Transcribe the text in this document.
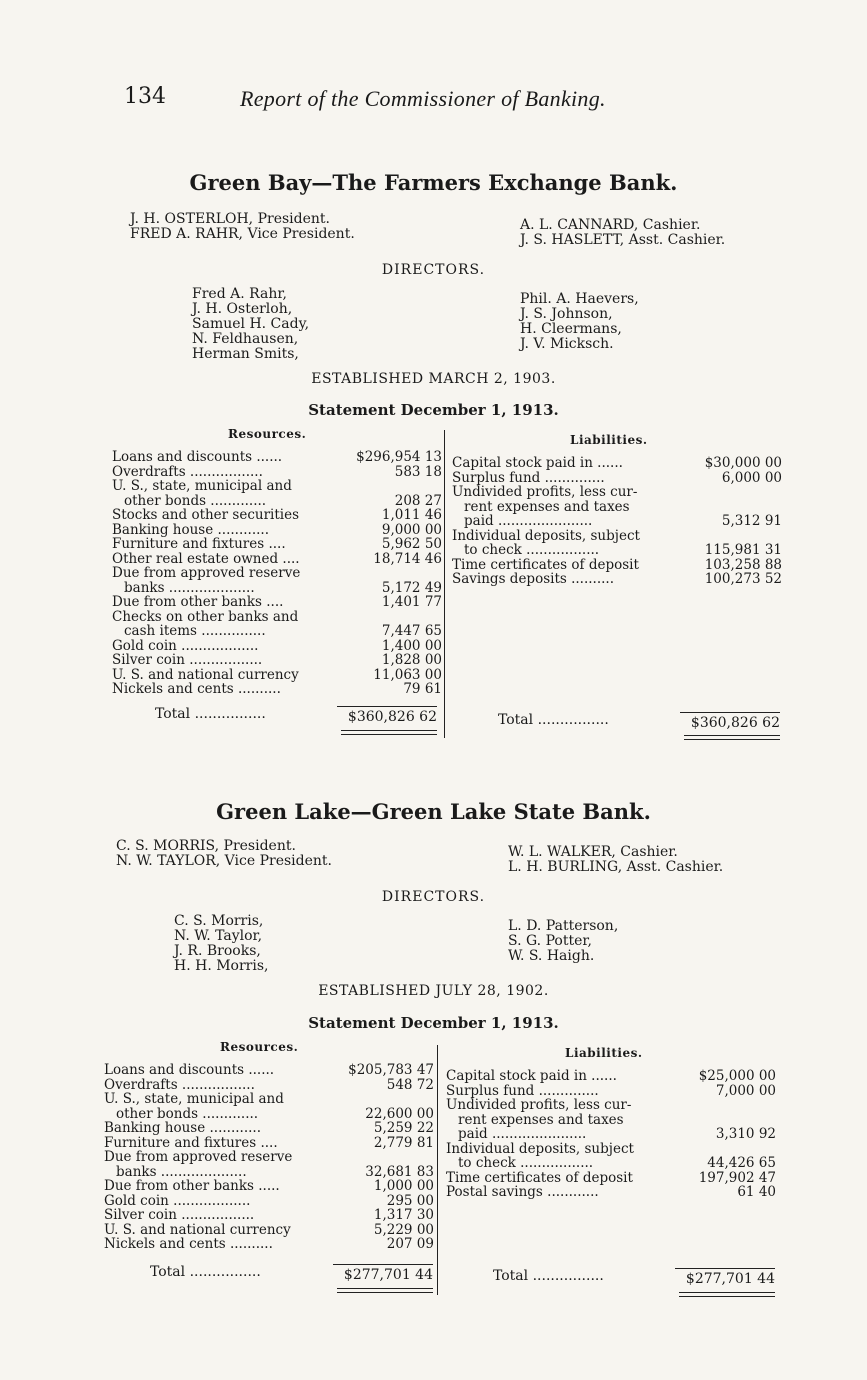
134	Report of the Commissioner of Banking.
Green Bay—The Farmers Exchange Bank.
J. H. OSTERLOH, President.
FRED A. RAHR, Vice President.
A. L. CANNARD, Cashier.
J. S. HASLETT, Asst. Cashier.
DIRECTORS.
Fred A. Rahr,
J. H. Osterloh,
Samuel H. Cady,
N. Feldhausen,
Herman Smits,
Phil. A. Haevers,
J. S. Johnson,
H. Cleermans,
J. V. Micksch.
ESTABLISHED MARCH 2, 1903.
Statement December 1, 1913.
Resources.	Liabilities.
Loans and discounts ......	$296,954 13
Overdrafts .................	583 18
U. S., state, municipal and
other bonds .............	208 27
Stocks and other securities	1,011 46
Banking house ............	9,000 00
Furniture and fixtures ....	5,962 50
Other real estate owned ....	18,714 46
Due from approved reserve
banks ....................	5,172 49
Due from other banks ....	1,401 77
Checks on other banks and
cash items ...............	7,447 65
Gold coin ..................	1,400 00
Silver coin .................	1,828 00
U. S. and national currency	11,063 00
Nickels and cents ..........	79 61
Capital stock paid in ......	$30,000 00
Surplus fund ..............	6,000 00
Undivided profits, less cur-
rent expenses and taxes
paid ......................	5,312 91
Individual deposits, subject
to check .................	115,981 31
Time certificates of deposit	103,258 88
Savings deposits ..........	100,273 52
Total ................	$360,826 62	Total ................	$360,826 62
Green Lake—Green Lake State Bank.
C. S. MORRIS, President.
N. W. TAYLOR, Vice President.
W. L. WALKER, Cashier.
L. H. BURLING, Asst. Cashier.
DIRECTORS.
C. S. Morris,
N. W. Taylor,
J. R. Brooks,
H. H. Morris,
L. D. Patterson,
S. G. Potter,
W. S. Haigh.
ESTABLISHED JULY 28, 1902.
Statement December 1, 1913.
Resources.	Liabilities.
Loans and discounts ......	$205,783 47
Overdrafts .................	548 72
U. S., state, municipal and
other bonds .............	22,600 00
Banking house ............	5,259 22
Furniture and fixtures ....	2,779 81
Due from approved reserve
banks ....................	32,681 83
Due from other banks .....	1,000 00
Gold coin ..................	295 00
Silver coin .................	1,317 30
U. S. and national currency	5,229 00
Nickels and cents ..........	207 09
Capital stock paid in ......	$25,000 00
Surplus fund ..............	7,000 00
Undivided profits, less cur-
rent expenses and taxes
paid ......................	3,310 92
Individual deposits, subject
to check .................	44,426 65
Time certificates of deposit	197,902 47
Postal savings ............	61 40
Total ................	$277,701 44	Total ................	$277,701 44
